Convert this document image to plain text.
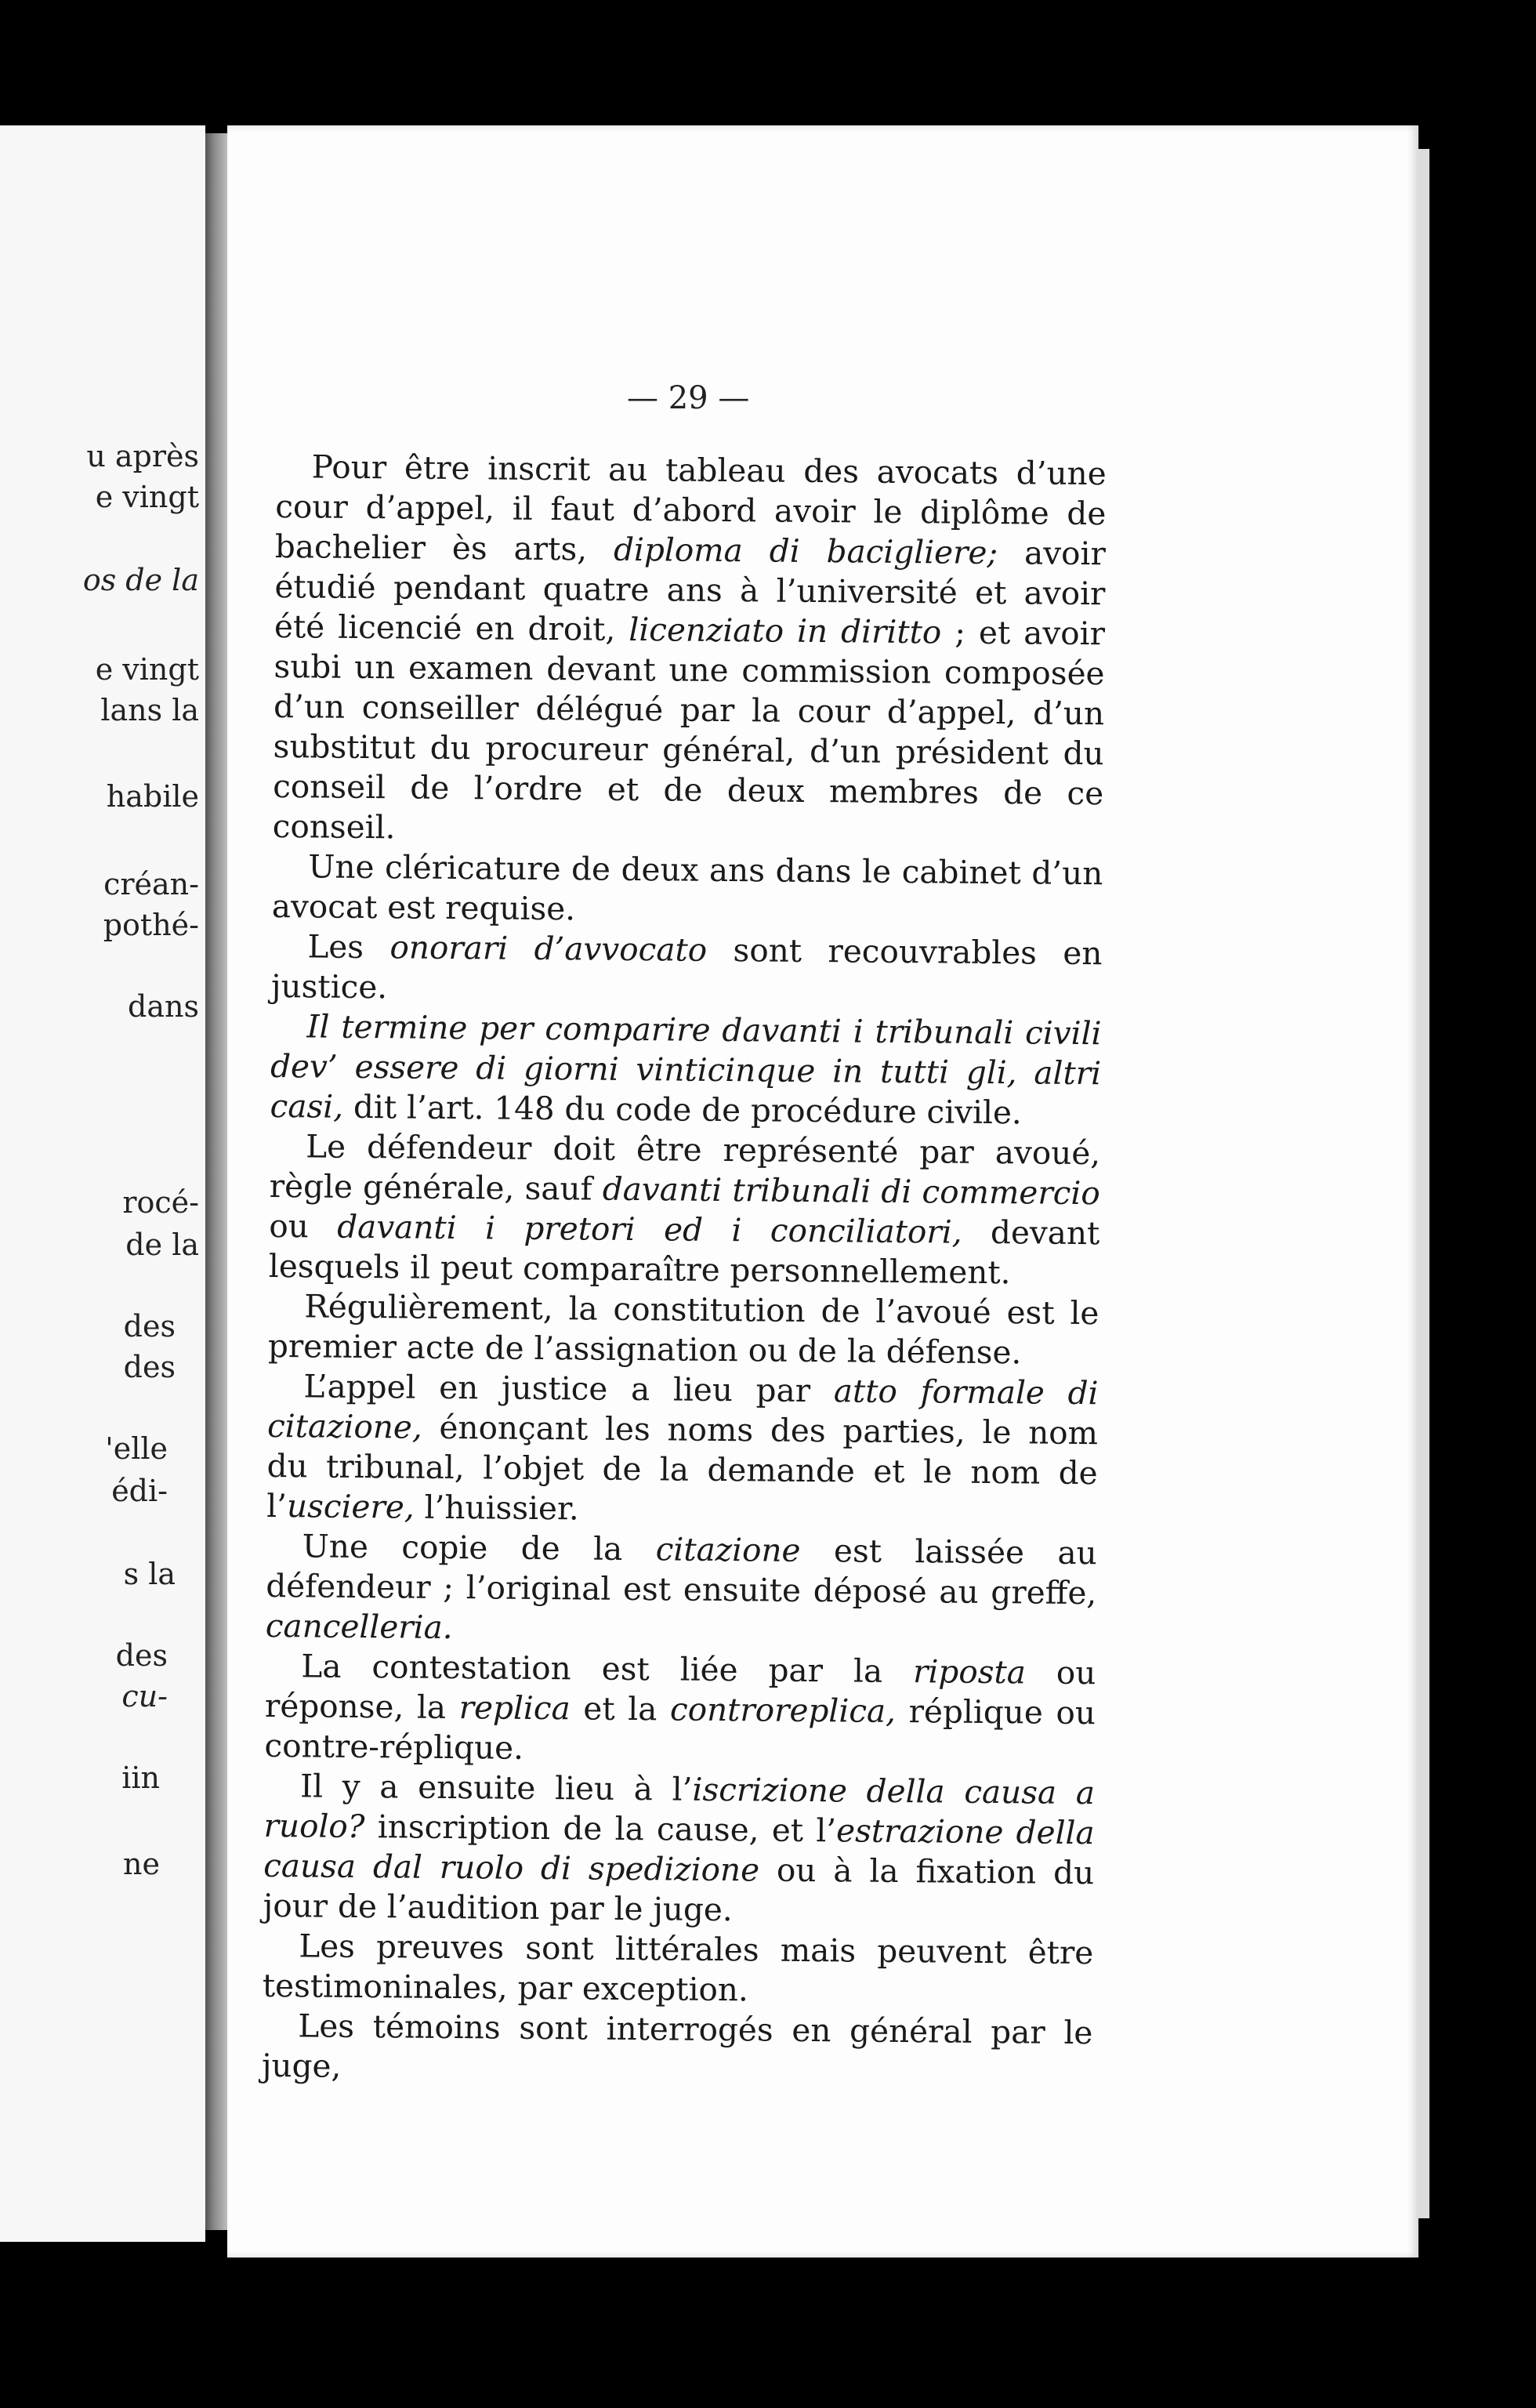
u après
e vingt
os de la
e vingt
lans la
habile
créan-
pothé-
dans
rocé-
de la
des
des
'elle
édi-
s la
des
cu-
iin
ne
— 29 —

Pour être inscrit au tableau des avocats d’une cour d’appel, il faut d’abord avoir le diplôme de bachelier ès arts, diploma di bacigliere; avoir étudié pendant quatre ans à l’université et avoir été licencié en droit, licenziato in diritto ; et avoir subi un examen devant une commission composée d’un conseiller délégué par la cour d’appel, d’un substitut du procureur général, d’un président du conseil de l’ordre et de deux membres de ce conseil.

Une cléricature de deux ans dans le cabinet d’un avocat est requise.

Les onorari d’avvocato sont recouvrables en justice.

Il termine per comparire davanti i tribunali civili dev’ essere di giorni vinticinque in tutti gli, altri casi, dit l’art. 148 du code de procédure civile.

Le défendeur doit être représenté par avoué, règle générale, sauf davanti tribunali di commercio ou davanti i pretori ed i conciliatori, devant lesquels il peut comparaître personnellement.

Régulièrement, la constitution de l’avoué est le premier acte de l’assignation ou de la défense.

L’appel en justice a lieu par atto formale di citazione, énonçant les noms des parties, le nom du tribunal, l’objet de la demande et le nom de l’usciere, l’huissier.

Une copie de la citazione est laissée au défendeur ; l’original est ensuite déposé au greffe, cancelleria.

La contestation est liée par la riposta ou réponse, la replica et la controreplica, réplique ou contre-réplique.

Il y a ensuite lieu à l’iscrizione della causa a ruolo? inscription de la cause, et l’estrazione della causa dal ruolo di spedizione ou à la fixation du jour de l’audition par le juge.

Les preuves sont littérales mais peuvent être testimoninales, par exception.

Les témoins sont interrogés en général par le juge,
